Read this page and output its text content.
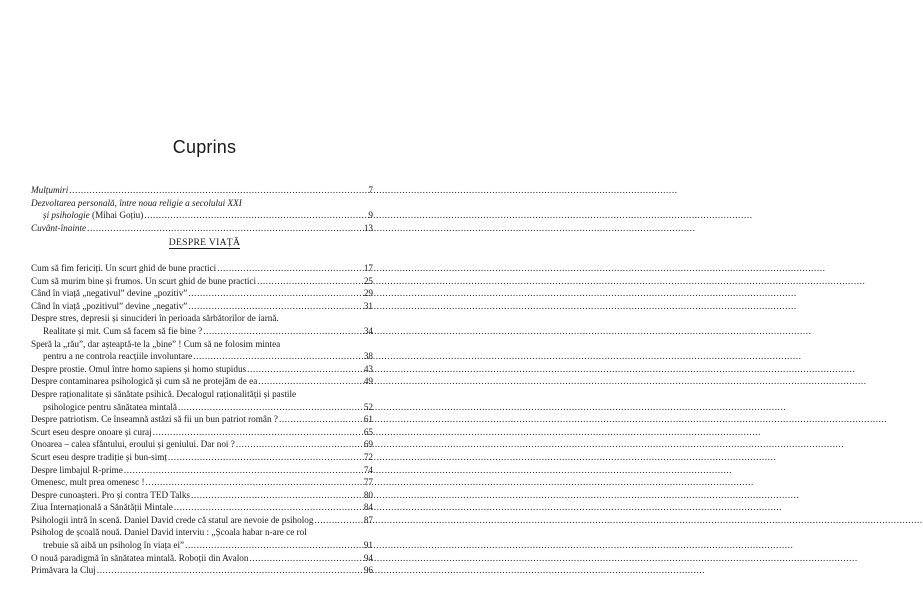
Cuprins
Mulțumiri .....	7
Dezvoltarea personală, între noua religie a secolului XXI
și psihologie (Mihai Goțiu) .....	9
Cuvânt-înainte .....	13
DESPRE VIAȚĂ
Cum să fim fericiți. Un scurt ghid de bune practici .....	17
Cum să murim bine și frumos. Un scurt ghid de bune practici .....	25
Când în viață „negativul” devine „pozitiv” .....	29
Când în viață „pozitivul” devine „negativ” .....	31
Despre stres, depresii și sinucideri în perioada sărbătorilor de iarnă.
Realitate și mit. Cum să facem să fie bine ? .....	34
Speră la „rău”, dar așteaptă-te la „bine” ! Cum să ne folosim mintea
pentru a ne controla reacțiile involuntare .....	38
Despre prostie. Omul între homo sapiens și homo stupidus .....	43
Despre contaminarea psihologică și cum să ne protejăm de ea .....	49
Despre raționalitate și sănătate psihică. Decalogul raționalității și pastile
psihologice pentru sănătatea mintală .....	52
Despre patriotism. Ce înseamnă astăzi să fii un bun patriot român ? .....	61
Scurt eseu despre onoare și curaj .....	65
Onoarea – calea sfântului, eroului și geniului. Dar noi ? .....	69
Scurt eseu despre tradiție și bun-simț .....	72
Despre limbajul R-prime .....	74
Omenesc, mult prea omenesc ! .....	77
Despre cunoașteri. Pro și contra TED Talks .....	80
Ziua Internațională a Sănătății Mintale .....	84
Psihologii intră în scenă. Daniel David crede că statul are nevoie de psiholog .....	87
Psiholog de școală nouă. Daniel David interviu : „Școala habar n-are ce rol
trebuie să aibă un psiholog în viața ei” .....	91
O nouă paradigmă în sănătatea mintală. Roboții din Avalon .....	94
Primăvara la Cluj .....	96
